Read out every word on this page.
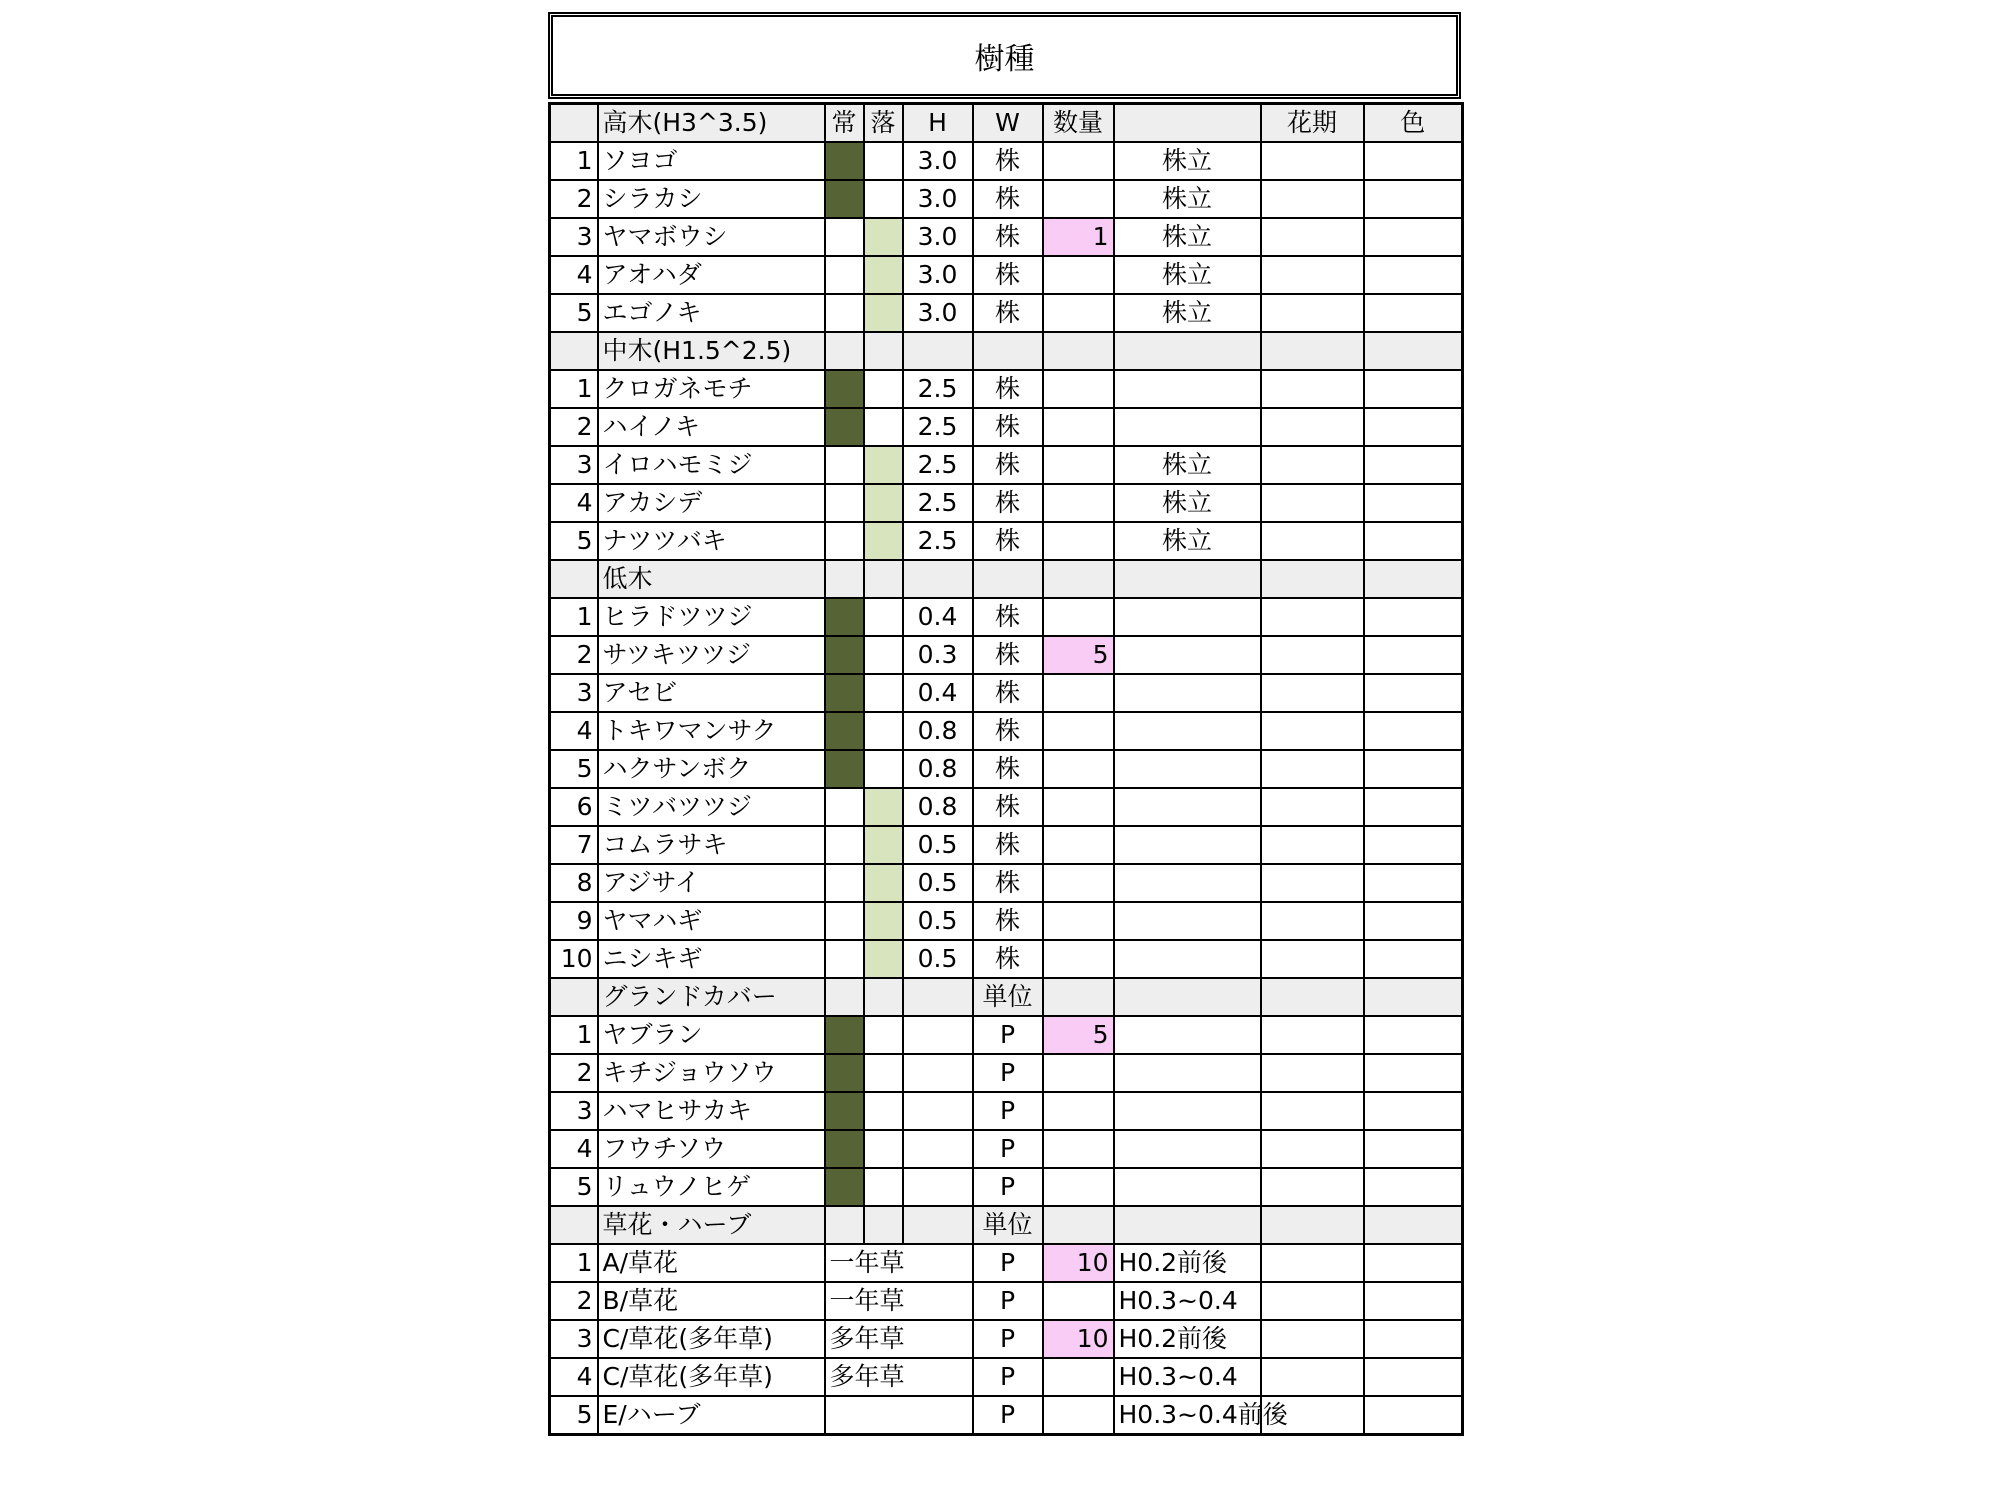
樹種
	高木(H3^3.5)	常	落	H	W	数量		花期	色
1	ソヨゴ			3.0	株		株立		
2	シラカシ			3.0	株		株立		
3	ヤマボウシ			3.0	株	1	株立		
4	アオハダ			3.0	株		株立		
5	エゴノキ			3.0	株		株立		
	中木(H1.5^2.5)								
1	クロガネモチ			2.5	株				
2	ハイノキ			2.5	株				
3	イロハモミジ			2.5	株		株立		
4	アカシデ			2.5	株		株立		
5	ナツツバキ			2.5	株		株立		
	低木								
1	ヒラドツツジ			0.4	株				
2	サツキツツジ			0.3	株	5			
3	アセビ			0.4	株				
4	トキワマンサク			0.8	株				
5	ハクサンボク			0.8	株				
6	ミツバツツジ			0.8	株				
7	コムラサキ			0.5	株				
8	アジサイ			0.5	株				
9	ヤマハギ			0.5	株				
10	ニシキギ			0.5	株				
	グランドカバー				単位				
1	ヤブラン				P	5			
2	キチジョウソウ				P				
3	ハマヒサカキ				P				
4	フウチソウ				P				
5	リュウノヒゲ				P				
	草花・ハーブ				単位				
1	A/草花	一年草			P	10	H0.2前後		
2	B/草花	一年草			P		H0.3~0.4		
3	C/草花(多年草)	多年草			P	10	H0.2前後		
4	C/草花(多年草)	多年草			P		H0.3~0.4		
5	E/ハーブ				P		H0.3~0.4前後		
